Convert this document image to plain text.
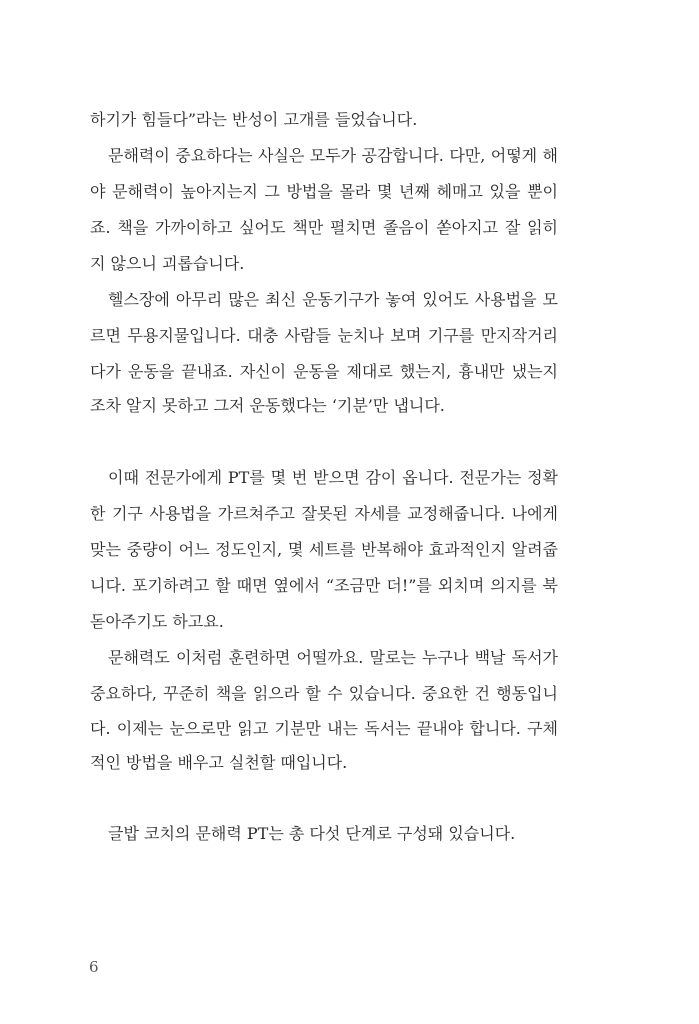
하기가 힘들다”라는 반성이 고개를 들었습니다.
문해력이 중요하다는 사실은 모두가 공감합니다. 다만, 어떻게 해
야 문해력이 높아지는지 그 방법을 몰라 몇 년째 헤매고 있을 뿐이
죠. 책을 가까이하고 싶어도 책만 펼치면 졸음이 쏟아지고 잘 읽히
지 않으니 괴롭습니다.
헬스장에 아무리 많은 최신 운동기구가 놓여 있어도 사용법을 모
르면 무용지물입니다. 대충 사람들 눈치나 보며 기구를 만지작거리
다가 운동을 끝내죠. 자신이 운동을 제대로 했는지, 흉내만 냈는지
조차 알지 못하고 그저 운동했다는 ‘기분’만 냅니다.
이때 전문가에게 PT를 몇 번 받으면 감이 옵니다. 전문가는 정확
한 기구 사용법을 가르쳐주고 잘못된 자세를 교정해줍니다. 나에게
맞는 중량이 어느 정도인지, 몇 세트를 반복해야 효과적인지 알려줍
니다. 포기하려고 할 때면 옆에서 “조금만 더!”를 외치며 의지를 북
돋아주기도 하고요.
문해력도 이처럼 훈련하면 어떨까요. 말로는 누구나 백날 독서가
중요하다, 꾸준히 책을 읽으라 할 수 있습니다. 중요한 건 행동입니
다. 이제는 눈으로만 읽고 기분만 내는 독서는 끝내야 합니다. 구체
적인 방법을 배우고 실천할 때입니다.
글밥 코치의 문해력 PT는 총 다섯 단계로 구성돼 있습니다.
6
